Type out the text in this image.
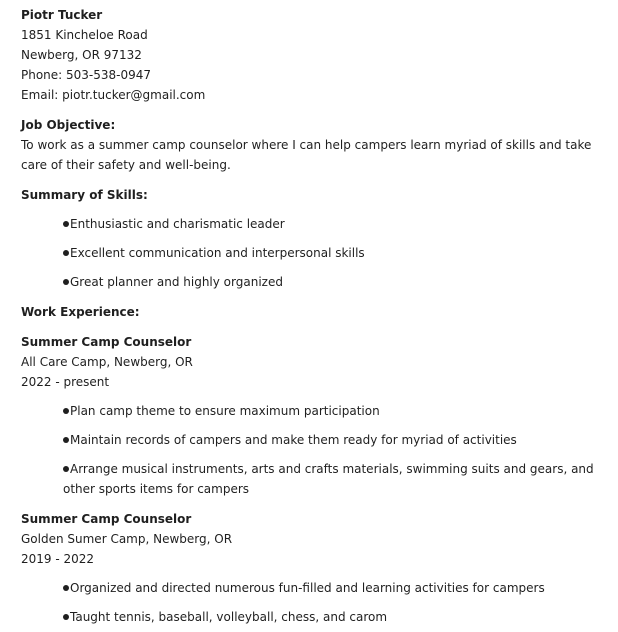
Piotr Tucker
1851 Kincheloe Road
Newberg, OR 97132
Phone: 503-538-0947
Email: piotr.tucker@gmail.com
Job Objective:
To work as a summer camp counselor where I can help campers learn myriad of skills and take care of their safety and well-being.
Summary of Skills:
Enthusiastic and charismatic leader
Excellent communication and interpersonal skills
Great planner and highly organized
Work Experience:
Summer Camp Counselor
All Care Camp, Newberg, OR
2022 - present
Plan camp theme to ensure maximum participation
Maintain records of campers and make them ready for myriad of activities
Arrange musical instruments, arts and crafts materials, swimming suits and gears, and other sports items for campers
Summer Camp Counselor
Golden Sumer Camp, Newberg, OR
2019 - 2022
Organized and directed numerous fun-filled and learning activities for campers
Taught tennis, baseball, volleyball, chess, and carom
